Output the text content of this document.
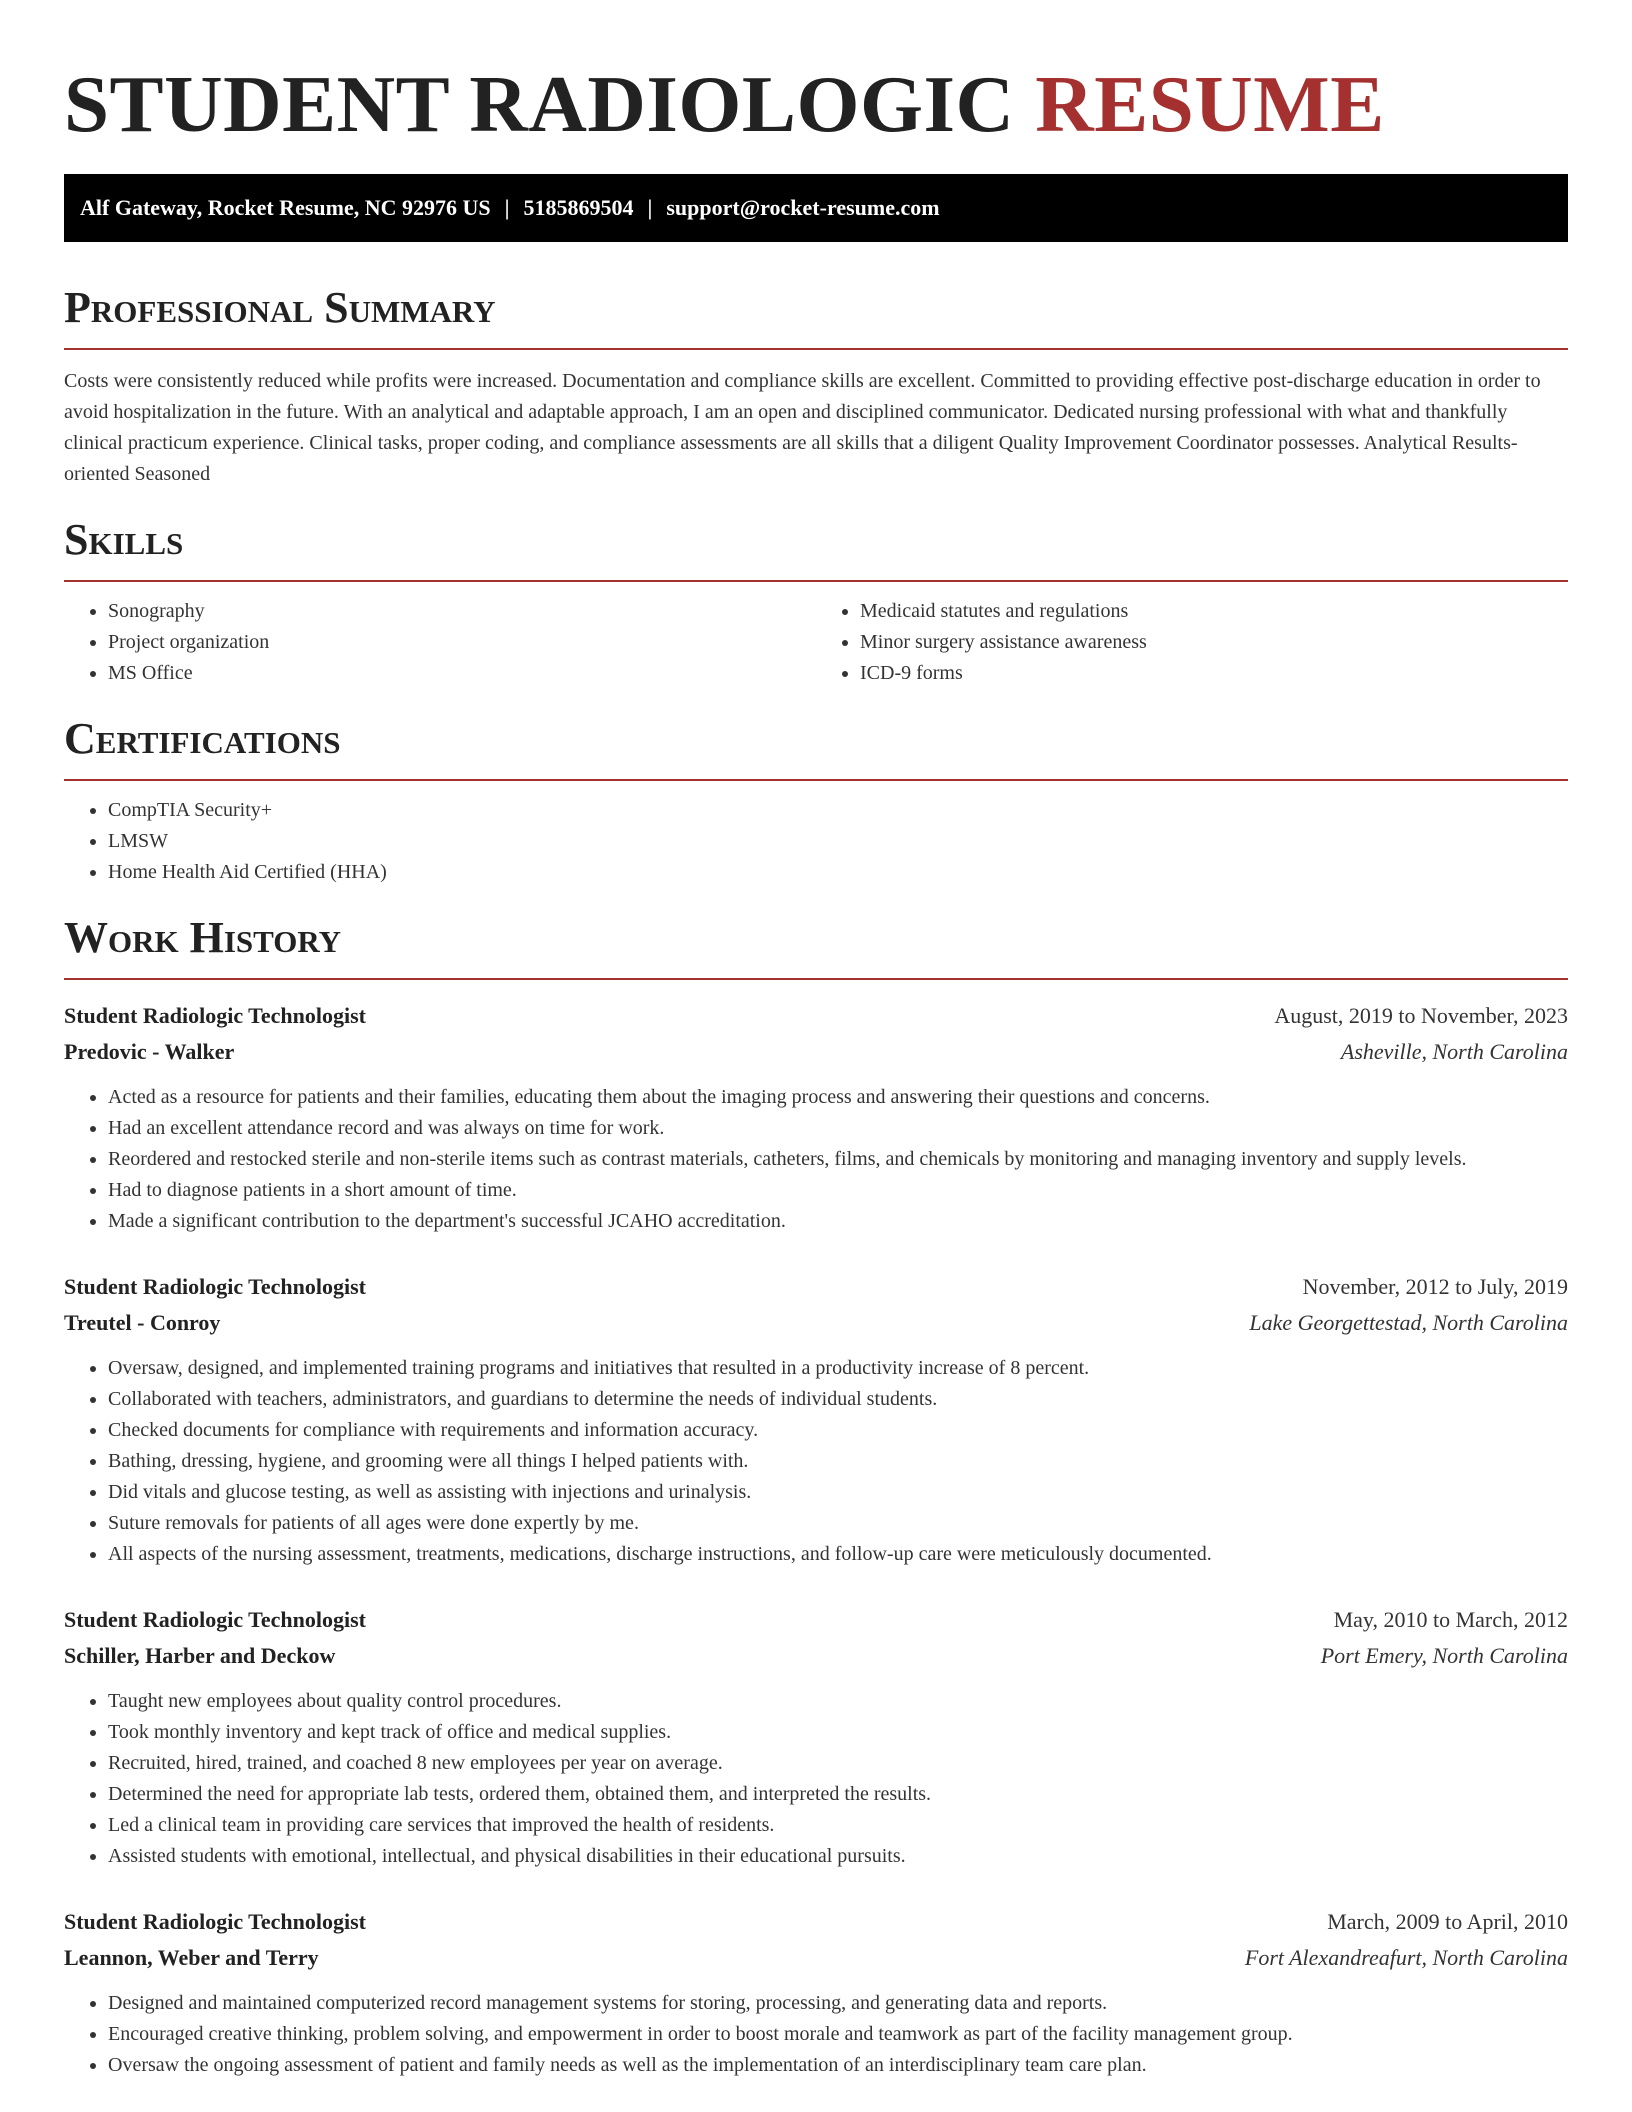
STUDENT RADIOLOGIC RESUME
Alf Gateway, Rocket Resume, NC 92976 US | 5185869504 | support@rocket-resume.com
Professional Summary

Costs were consistently reduced while profits were increased. Documentation and compliance skills are excellent. Committed to providing effective post-discharge education in order to avoid hospitalization in the future. With an analytical and adaptable approach, I am an open and disciplined communicator. Dedicated nursing professional with what and thankfully clinical practicum experience. Clinical tasks, proper coding, and compliance assessments are all skills that a diligent Quality Improvement Coordinator possesses. Analytical Results-oriented Seasoned

Skills
• Sonography
• Project organization
• MS Office
• Medicaid statutes and regulations
• Minor surgery assistance awareness
• ICD-9 forms
Certifications
• CompTIA Security+
• LMSW
• Home Health Aid Certified (HHA)
Work History
Student Radiologic Technologist	August, 2019 to November, 2023
Predovic - Walker	Asheville, North Carolina
• Acted as a resource for patients and their families, educating them about the imaging process and answering their questions and concerns.
• Had an excellent attendance record and was always on time for work.
• Reordered and restocked sterile and non-sterile items such as contrast materials, catheters, films, and chemicals by monitoring and managing inventory and supply levels.
• Had to diagnose patients in a short amount of time.
• Made a significant contribution to the department's successful JCAHO accreditation.
Student Radiologic Technologist	November, 2012 to July, 2019
Treutel - Conroy	Lake Georgettestad, North Carolina
• Oversaw, designed, and implemented training programs and initiatives that resulted in a productivity increase of 8 percent.
• Collaborated with teachers, administrators, and guardians to determine the needs of individual students.
• Checked documents for compliance with requirements and information accuracy.
• Bathing, dressing, hygiene, and grooming were all things I helped patients with.
• Did vitals and glucose testing, as well as assisting with injections and urinalysis.
• Suture removals for patients of all ages were done expertly by me.
• All aspects of the nursing assessment, treatments, medications, discharge instructions, and follow-up care were meticulously documented.
Student Radiologic Technologist	May, 2010 to March, 2012
Schiller, Harber and Deckow	Port Emery, North Carolina
• Taught new employees about quality control procedures.
• Took monthly inventory and kept track of office and medical supplies.
• Recruited, hired, trained, and coached 8 new employees per year on average.
• Determined the need for appropriate lab tests, ordered them, obtained them, and interpreted the results.
• Led a clinical team in providing care services that improved the health of residents.
• Assisted students with emotional, intellectual, and physical disabilities in their educational pursuits.
Student Radiologic Technologist	March, 2009 to April, 2010
Leannon, Weber and Terry	Fort Alexandreafurt, North Carolina
• Designed and maintained computerized record management systems for storing, processing, and generating data and reports.
• Encouraged creative thinking, problem solving, and empowerment in order to boost morale and teamwork as part of the facility management group.
• Oversaw the ongoing assessment of patient and family needs as well as the implementation of an interdisciplinary team care plan.
